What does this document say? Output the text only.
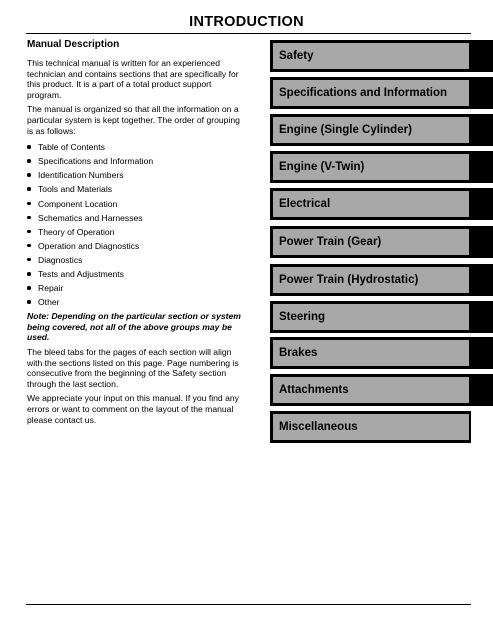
INTRODUCTION
Manual Description

This technical manual is written for an experienced technician and contains sections that are specifically for this product. It is a part of a total product support program.

The manual is organized so that all the information on a particular system is kept together. The order of grouping is as follows:

Table of Contents
Specifications and Information
Identification Numbers
Tools and Materials
Component Location
Schematics and Harnesses
Theory of Operation
Operation and Diagnostics
Diagnostics
Tests and Adjustments
Repair
Other

Note: Depending on the particular section or system being covered, not all of the above groups may be used.

The bleed tabs for the pages of each section will align with the sections listed on this page. Page numbering is consecutive from the beginning of the Safety section through the last section.

We appreciate your input on this manual. If you find any errors or want to comment on the layout of the manual please contact us.

Safety
Specifications and Information
Engine (Single Cylinder)
Engine (V-Twin)
Electrical
Power Train (Gear)
Power Train (Hydrostatic)
Steering
Brakes
Attachments
Miscellaneous
